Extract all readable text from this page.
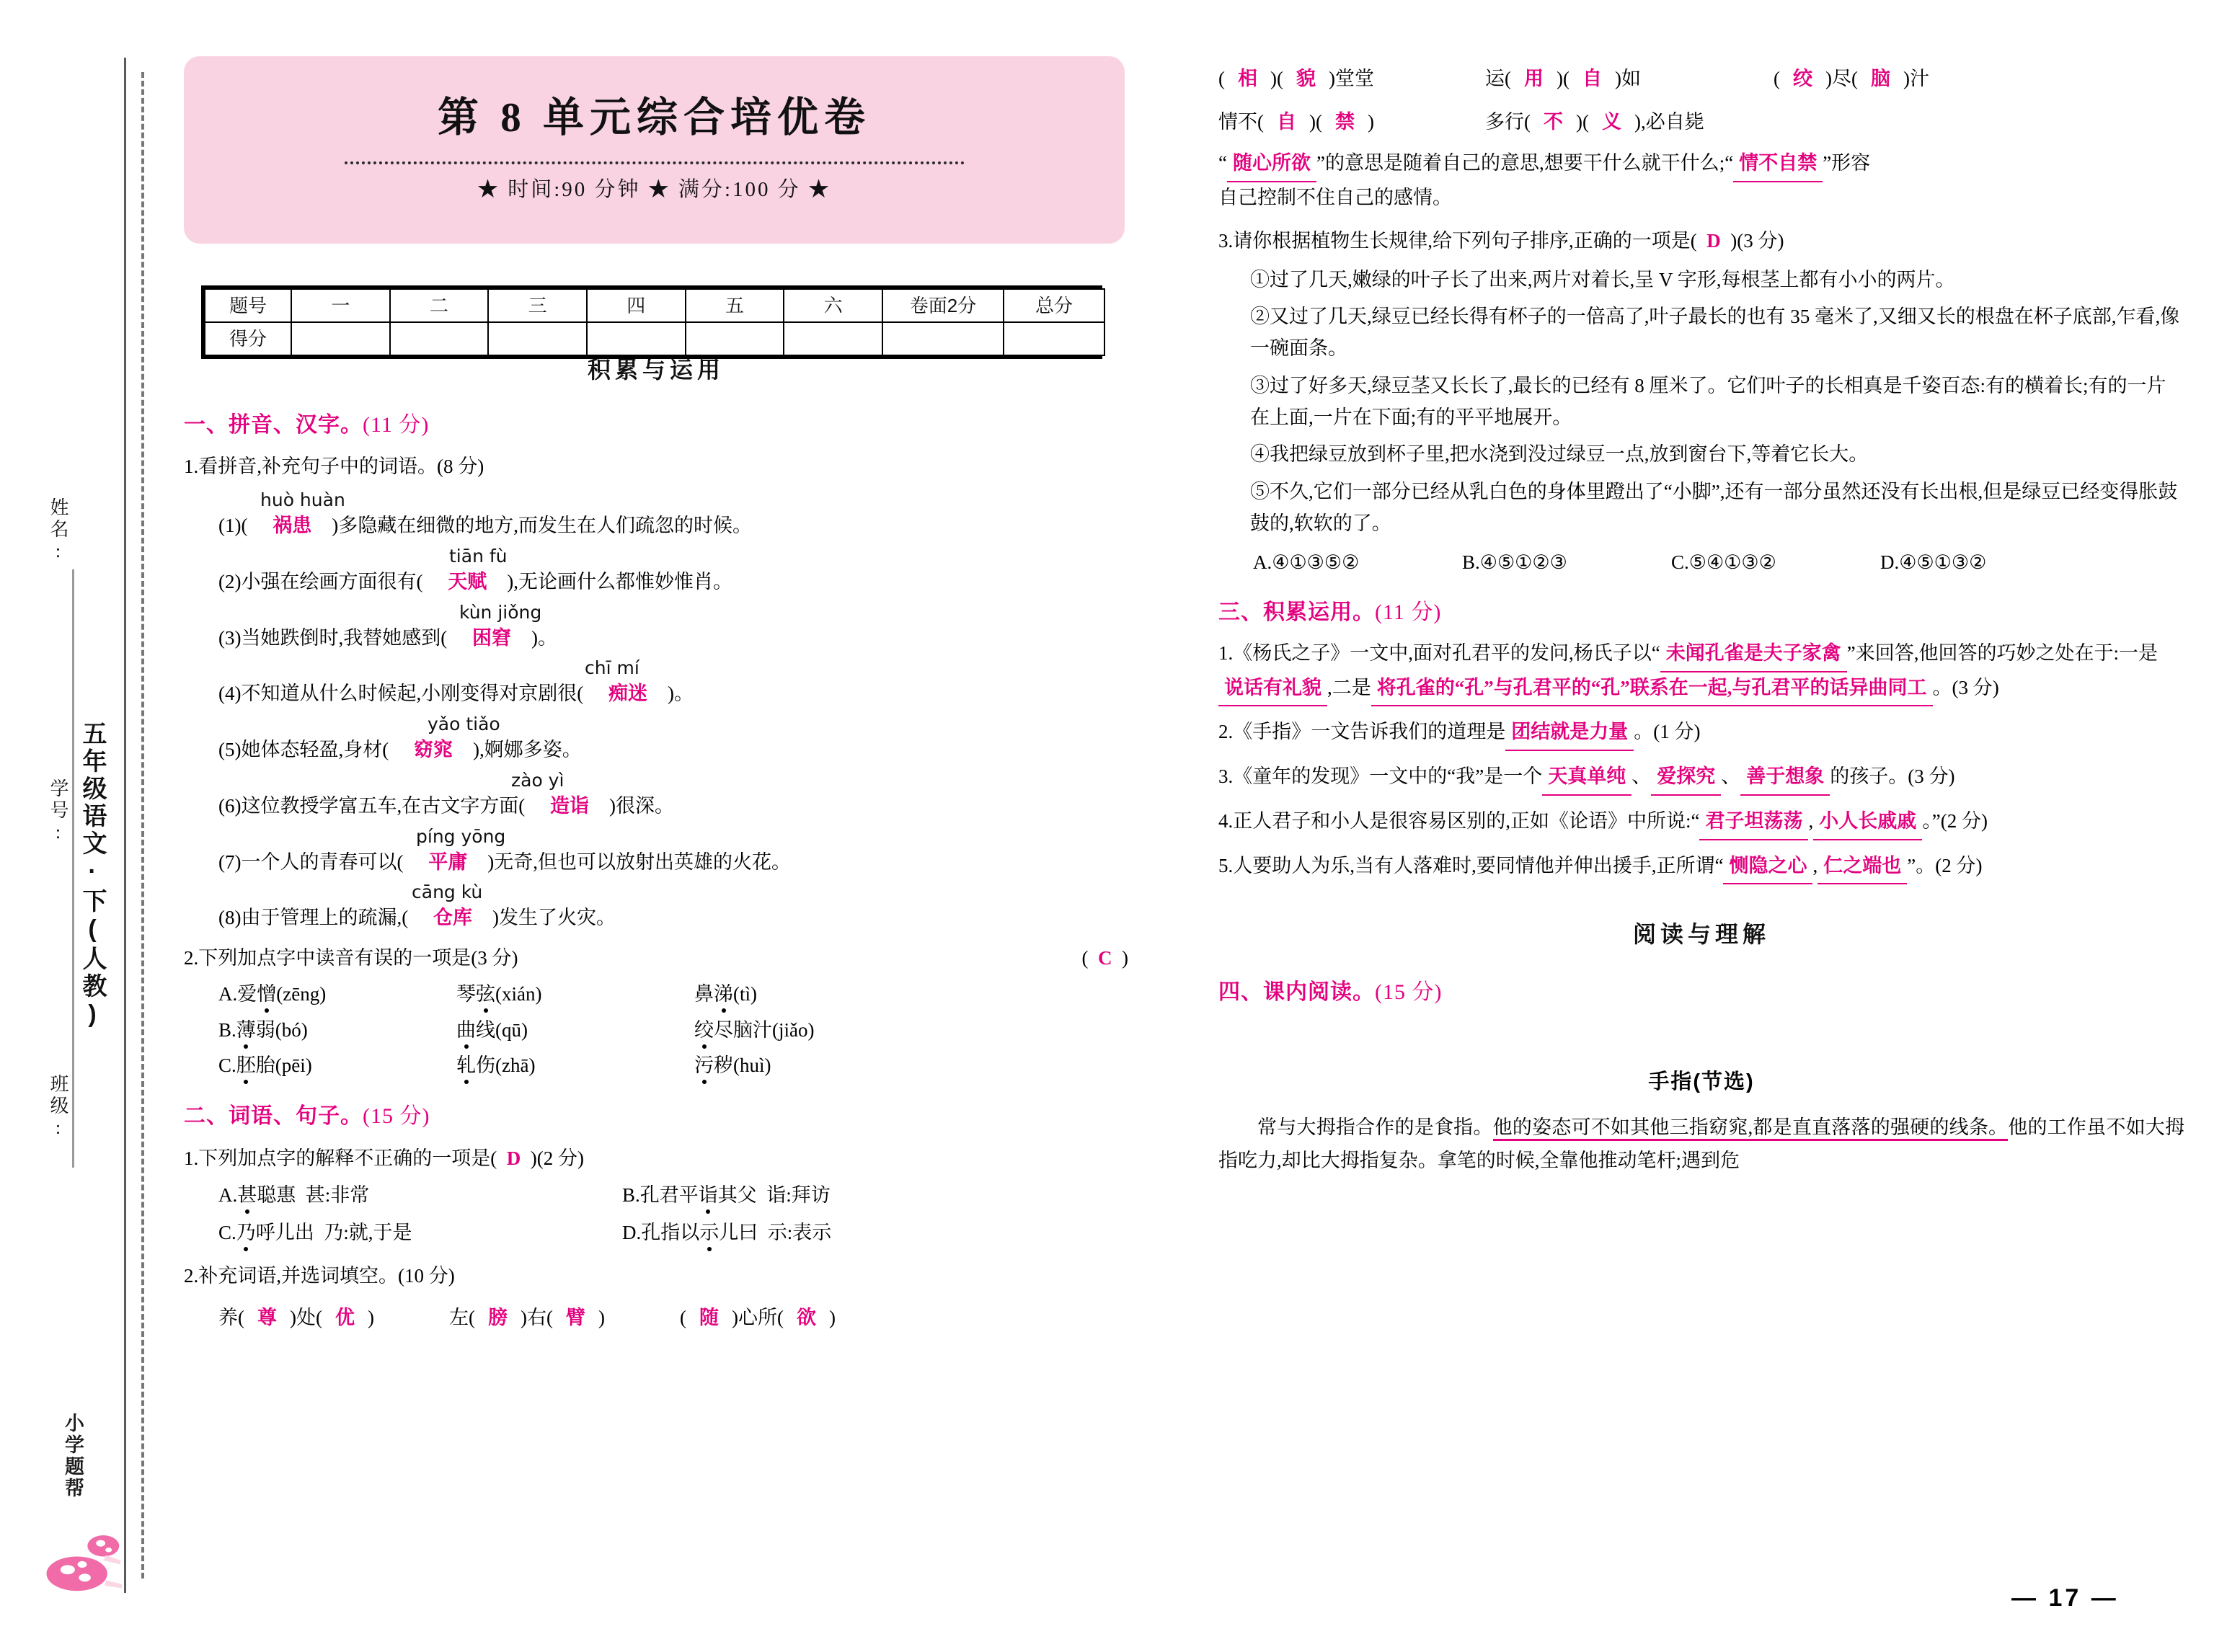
姓名:
学号:
班级:
五年级语文·下(人教)
小学题帮
第 8 单元综合培优卷
★ 时间:90 分钟 ★ 满分:100 分 ★
题号	一	二	三	四	五	六	卷面2分	总分
得分								
积累与运用
一、拼音、汉字。(11 分)
1.看拼音,补充句子中的词语。(8 分)
huò huàn
(1)( 祸患 )多隐藏在细微的地方,而发生在人们疏忽的时候。
tiān fù
(2)小强在绘画方面很有( 天赋 ),无论画什么都惟妙惟肖。
kùn jiǒng
(3)当她跌倒时,我替她感到( 困窘 )。
chī mí
(4)不知道从什么时候起,小刚变得对京剧很( 痴迷 )。
yǎo tiǎo
(5)她体态轻盈,身材( 窈窕 ),婀娜多姿。
zào yì
(6)这位教授学富五车,在古文字方面( 造诣 )很深。
píng yōng
(7)一个人的青春可以( 平庸 )无奇,但也可以放射出英雄的火花。
cāng kù
(8)由于管理上的疏漏,( 仓库 )发生了火灾。
2.下列加点字中读音有误的一项是(3 分)	(  C  )
A.爱憎(zēng)	琴弦(xián)	鼻涕(tì)
B.薄弱(bó)	曲线(qū)	绞尽脑汁(jiǎo)
C.胚胎(pēi)	轧伤(zhā)	污秽(huì)
二、词语、句子。(15 分)
1.下列加点字的解释不正确的一项是( D )(2 分)
A.甚聪惠 甚:非常	B.孔君平诣其父 诣:拜访
C.乃呼儿出 乃:就,于是	D.孔指以示儿曰 示:表示
2.补充词语,并选词填空。(10 分)
养( 尊 )处( 优 )	左( 膀 )右( 臂 )	( 随 )心所( 欲 )
( 相 )( 貌 )堂堂	运( 用 )( 自 )如	( 绞 )尽( 脑 )汁
情不( 自 )( 禁 )	多行( 不 )( 义 ),必自毙
“ 随心所欲 ”的意思是随着自己的意思,想要干什么就干什么;“ 情不自禁 ”形容
自己控制不住自己的感情。
3.请你根据植物生长规律,给下列句子排序,正确的一项是( D )(3 分)
①过了几天,嫩绿的叶子长了出来,两片对着长,呈 V 字形,每根茎上都有小小的两片。
②又过了几天,绿豆已经长得有杯子的一倍高了,叶子最长的也有 35 毫米了,又细又长的根盘在杯子底部,乍看,像一碗面条。
③过了好多天,绿豆茎又长长了,最长的已经有 8 厘米了。它们叶子的长相真是千姿百态:有的横着长;有的一片在上面,一片在下面;有的平平地展开。
④我把绿豆放到杯子里,把水浇到没过绿豆一点,放到窗台下,等着它长大。
⑤不久,它们一部分已经从乳白色的身体里蹬出了“小脚”,还有一部分虽然还没有长出根,但是绿豆已经变得胀鼓鼓的,软软的了。
A.④①③⑤②	B.④⑤①②③	C.⑤④①③②	D.④⑤①③②
三、积累运用。(11 分)
1.《杨氏之子》一文中,面对孔君平的发问,杨氏子以“ 未闻孔雀是夫子家禽 ”来回答,他回答的巧妙之处在于:一是说话有礼貌 ,二是 将孔雀的“孔”与孔君平的“孔”联系在一起,与孔君平的话异曲同工 。(3 分)
2.《手指》一文告诉我们的道理是 团结就是力量 。(1 分)
3.《童年的发现》一文中的“我”是一个 天真单纯 、 爱探究 、 善于想象 的孩子。(3 分)
4.正人君子和小人是很容易区别的,正如《论语》中所说:“ 君子坦荡荡 , 小人长戚戚 。”(2 分)
5.人要助人为乐,当有人落难时,要同情他并伸出援手,正所谓“ 恻隐之心 , 仁之端也 ”。(2 分)
阅读与理解
四、课内阅读。(15 分)
手指(节选)
常与大拇指合作的是食指。他的姿态可不如其他三指窈窕,都是直直落落的强硬的线条。他的工作虽不如大拇指吃力,却比大拇指复杂。拿笔的时候,全靠他推动笔杆;遇到危
— 17 —
